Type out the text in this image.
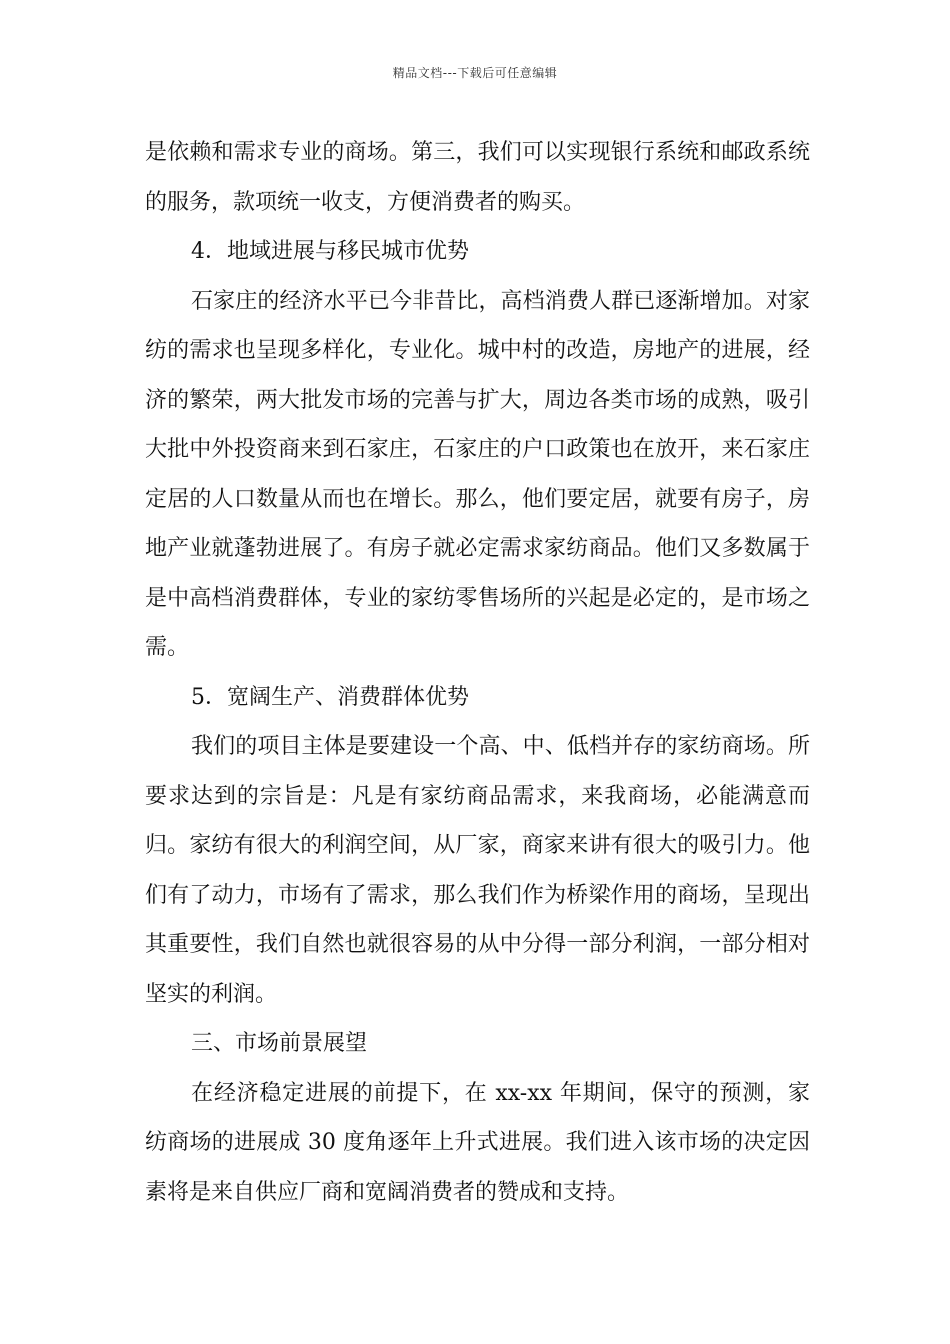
精品文档---下载后可任意编辑

是依赖和需求专业的商场。第三，我们可以实现银行系统和邮政系统的服务，款项统一收支，方便消费者的购买。

4．地域进展与移民城市优势

石家庄的经济水平已今非昔比，高档消费人群已逐渐增加。对家纺的需求也呈现多样化，专业化。城中村的改造，房地产的进展，经济的繁荣，两大批发市场的完善与扩大，周边各类市场的成熟，吸引大批中外投资商来到石家庄，石家庄的户口政策也在放开，来石家庄定居的人口数量从而也在增长。那么，他们要定居，就要有房子，房地产业就蓬勃进展了。有房子就必定需求家纺商品。他们又多数属于是中高档消费群体，专业的家纺零售场所的兴起是必定的，是市场之需。

5．宽阔生产、消费群体优势

我们的项目主体是要建设一个高、中、低档并存的家纺商场。所要求达到的宗旨是：凡是有家纺商品需求，来我商场，必能满意而归。家纺有很大的利润空间，从厂家，商家来讲有很大的吸引力。他们有了动力，市场有了需求，那么我们作为桥梁作用的商场，呈现出其重要性，我们自然也就很容易的从中分得一部分利润，一部分相对坚实的利润。

三、市场前景展望

在经济稳定进展的前提下，在 xx-xx 年期间，保守的预测，家纺商场的进展成 30 度角逐年上升式进展。我们进入该市场的决定因素将是来自供应厂商和宽阔消费者的赞成和支持。
